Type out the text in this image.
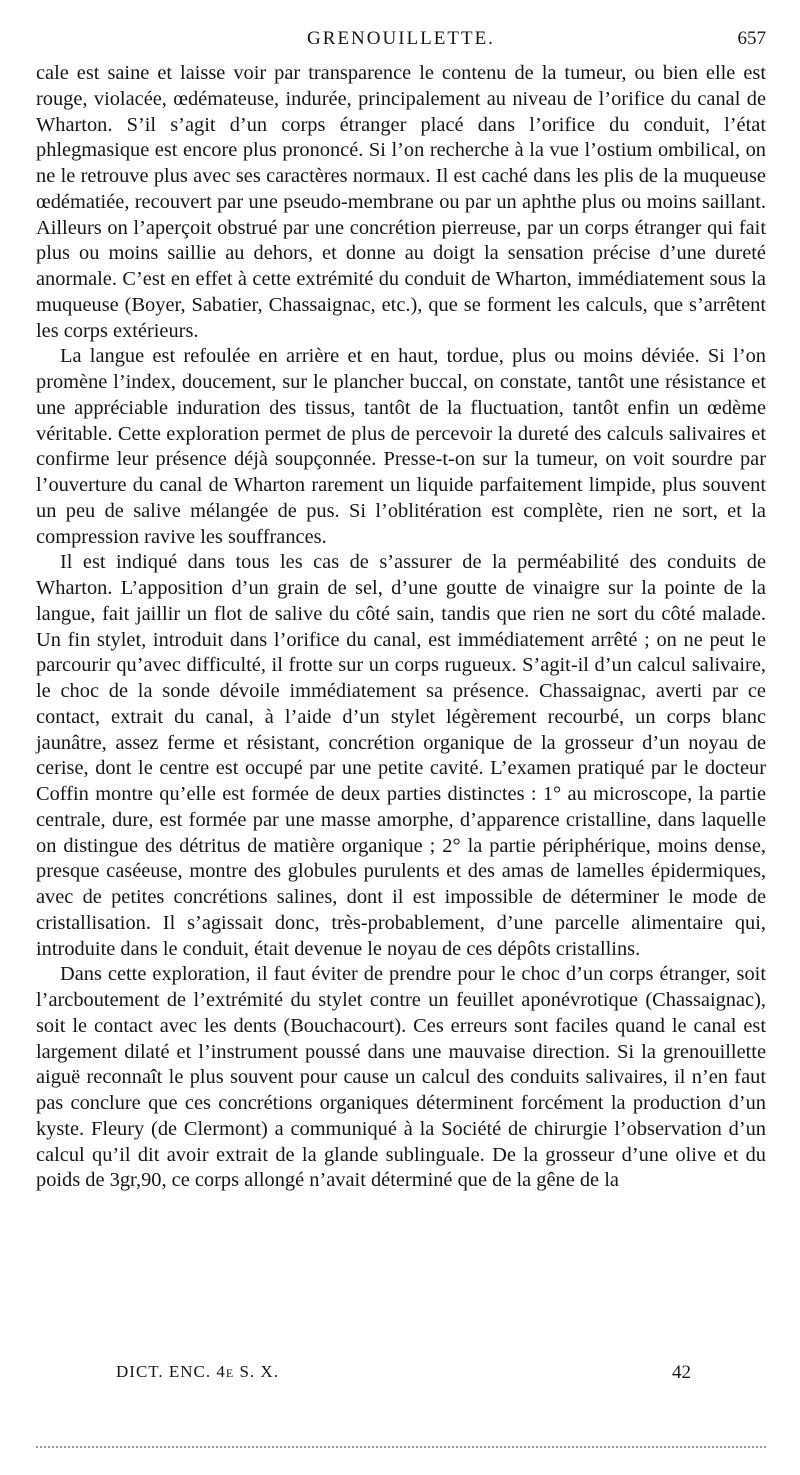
GRENOUILLETTE.	657

cale est saine et laisse voir par transparence le contenu de la tumeur, ou bien elle est rouge, violacée, œdémateuse, indurée, principalement au niveau de l’orifice du canal de Wharton. S’il s’agit d’un corps étranger placé dans l’orifice du conduit, l’état phlegmasique est encore plus prononcé. Si l’on recherche à la vue l’ostium ombilical, on ne le retrouve plus avec ses caractères normaux. Il est caché dans les plis de la muqueuse œdématiée, recouvert par une pseudo-membrane ou par un aphthe plus ou moins saillant. Ailleurs on l’aperçoit obstrué par une concrétion pierreuse, par un corps étranger qui fait plus ou moins saillie au dehors, et donne au doigt la sensation précise d’une dureté anormale. C’est en effet à cette extrémité du conduit de Wharton, immédiatement sous la muqueuse (Boyer, Sabatier, Chassaignac, etc.), que se forment les calculs, que s’arrêtent les corps extérieurs.

La langue est refoulée en arrière et en haut, tordue, plus ou moins déviée. Si l’on promène l’index, doucement, sur le plancher buccal, on constate, tantôt une résistance et une appréciable induration des tissus, tantôt de la fluctuation, tantôt enfin un œdème véritable. Cette exploration permet de plus de percevoir la dureté des calculs salivaires et confirme leur présence déjà soupçonnée. Presse-t-on sur la tumeur, on voit sourdre par l’ouverture du canal de Wharton rarement un liquide parfaitement limpide, plus souvent un peu de salive mélangée de pus. Si l’oblitération est complète, rien ne sort, et la compression ravive les souffrances.

Il est indiqué dans tous les cas de s’assurer de la perméabilité des conduits de Wharton. L’apposition d’un grain de sel, d’une goutte de vinaigre sur la pointe de la langue, fait jaillir un flot de salive du côté sain, tandis que rien ne sort du côté malade. Un fin stylet, introduit dans l’orifice du canal, est immédiatement arrêté ; on ne peut le parcourir qu’avec difficulté, il frotte sur un corps rugueux. S’agit-il d’un calcul salivaire, le choc de la sonde dévoile immédiatement sa présence. Chassaignac, averti par ce contact, extrait du canal, à l’aide d’un stylet légèrement recourbé, un corps blanc jaunâtre, assez ferme et résistant, concrétion organique de la grosseur d’un noyau de cerise, dont le centre est occupé par une petite cavité. L’examen pratiqué par le docteur Coffin montre qu’elle est formée de deux parties distinctes : 1° au microscope, la partie centrale, dure, est formée par une masse amorphe, d’apparence cristalline, dans laquelle on distingue des détritus de matière organique ; 2° la partie périphérique, moins dense, presque caséeuse, montre des globules purulents et des amas de lamelles épidermiques, avec de petites concrétions salines, dont il est impossible de déterminer le mode de cristallisation. Il s’agissait donc, très-probablement, d’une parcelle alimentaire qui, introduite dans le conduit, était devenue le noyau de ces dépôts cristallins.

Dans cette exploration, il faut éviter de prendre pour le choc d’un corps étranger, soit l’arcboutement de l’extrémité du stylet contre un feuillet aponévrotique (Chassaignac), soit le contact avec les dents (Bouchacourt). Ces erreurs sont faciles quand le canal est largement dilaté et l’instrument poussé dans une mauvaise direction. Si la grenouillette aiguë reconnaît le plus souvent pour cause un calcul des conduits salivaires, il n’en faut pas conclure que ces concrétions organiques déterminent forcément la production d’un kyste. Fleury (de Clermont) a communiqué à la Société de chirurgie l’observation d’un calcul qu’il dit avoir extrait de la glande sublinguale. De la grosseur d’une olive et du poids de 3gr,90, ce corps allongé n’avait déterminé que de la gêne de la

DICT. ENC. 4e S. X.	42
